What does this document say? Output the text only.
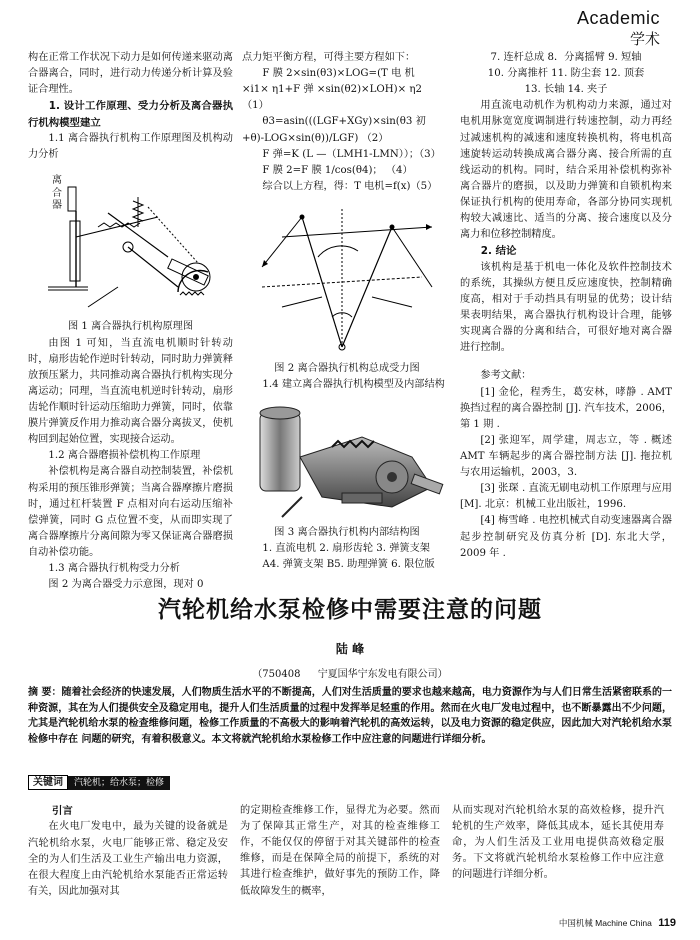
Academic
学术

构在正常工作状况下动力是如何传递来驱动离合器离合，同时，进行动力传递分析计算及验证合理性。

1. 设计工作原理、受力分析及离合器执行机构模型建立

1.1 离合器执行机构工作原理图及机构动力分析

离合器

图 1 离合器执行机构原理图

由图 1 可知，当直流电机顺时针转动时，扇形齿轮作逆时针转动，同时助力弹簧释放预压紧力，共同推动离合器执行机构实现分离运动；同理，当直流电机逆时针转动，扇形齿轮作顺时针运动压缩助力弹簧，同时，依靠膜片弹簧反作用力推动离合器分离拔叉，使机构回到起始位置，实现接合运动。

1.2 离合器磨损补偿机构工作原理

补偿机构是离合器自动控制装置，补偿机构采用的预压锥形弹簧；当离合器摩擦片磨损时，通过杠杆装置 F 点相对向右运动压缩补偿弹簧，同时 G 点位置不变，从而即实现了离合器摩擦片分离间隙为零又保证离合器磨损自动补偿功能。

1.3 离合器执行机构受力分析

图 2 为离合器受力示意图，现对 0

点力矩平衡方程，可得主要方程如下：

F 膜 2×sin(θ3)×LOG=(T 电 机

×i1× η1+F 弹 ×sin(θ2)×LOH)× η2

（1）

θ3=asin(((LGF+XGy)×sin(θ3 初

+θ)-LOG×sin(θ))/LGF) （2）

F 弹=K (L —（LMH1-LMN））；（3）

F 膜 2=F 膜 1/cos(θ4)； （4）

综合以上方程，得：T 电机=f(x)（5）

图 2 离合器执行机构总成受力图

1.4 建立离合器执行机构模型及内部结构

图 3 离合器执行机构内部结构图

1. 直流电机 2. 扇形齿轮 3. 弹簧支架

A4. 弹簧支架 B5. 助理弹簧 6. 限位版

7. 连杆总成 8．分离摇臂 9. 短轴

10. 分离推杆 11. 防尘套 12. 顶套

13. 长轴 14. 夹子

用直流电动机作为机构动力来源，通过对电机用脉宽宽度调制进行转速控制，动力再经过减速机构的减速和速度转换机构，将电机高速旋转运动转换成离合器分离、接合所需的直线运动的机构。同时，结合采用补偿机构弥补离合器片的磨损，以及助力弹簧和自锁机构来保证执行机构的使用寿命，各部分协同实现机构较大减速比、适当的分离、接合速度以及分离力和位移控制精度。

2. 结论

该机构是基于机电一体化及软件控制技术的系统，其操纵方便且反应速度快，控制精确度高，相对于手动挡具有明显的优势；设计结果表明结果，离合器执行机构设计合理，能够实现离合器的分离和结合，可很好地对离合器进行控制。

参考文献：

[1] 金伦，程秀生，葛安林，哮静 . AMT 换挡过程的离合器控制 [J]. 汽车技术，2006，第 1 期 .

[2] 张迎军，周学建，周志立，等 . 概述 AMT 车辆起步的离合器控制方法 [J]. 拖拉机与农用运输机，2003，3.

[3] 张琛 . 直流无刷电动机工作原理与应用 [M]. 北京：机械工业出版社，1996.

[4] 梅雪峰 . 电控机械式自动变速器离合器起步控制研究及仿真分析 [D]. 东北大学，2009 年 .

汽轮机给水泵检修中需要注意的问题
陆 峰
（750408 宁夏国华宁东发电有限公司）
摘 要：随着社会经济的快速发展，人们物质生活水平的不断提高，人们对生活质量的要求也越来越高，电力资源作为与人们日常生活紧密联系的一种资源，其在为人们提供安全及稳定用电，提升人们生活质量的过程中发挥举足轻重的作用。然而在火电厂发电过程中，也不断暴露出不少问题，尤其是汽轮机给水泵的检查维修问题，检修工作质量的不高极大的影响着汽轮机的高效运转，以及电力资源的稳定供应，因此加大对汽轮机给水泵检修中存在 问题的研究，有着积极意义。本文将就汽轮机给水泵检修工作中应注意的问题进行详细分析。
关键词 汽轮机；给水泵；检修

引言

在火电厂发电中，最为关键的设备就是汽轮机给水泵，火电厂能够正常、稳定及安全的为人们生活及工业生产输出电力资源，在很大程度上由汽轮机给水泵能否正常运转有关，因此加强对其

的定期检查维修工作，显得尤为必要。然而为了保障其正常生产，对其的检查维修工作，不能仅仅的停留于对其关键部件的检查维修，而是在保障全局的前提下，系统的对其进行检查维护，做好事先的预防工作，降低故障发生的概率，

从而实现对汽轮机给水泵的高效检修，提升汽轮机的生产效率，降低其成本，延长其使用寿命，为人们生活及工业用电提供高效稳定服务。下文将就汽轮机给水泵检修工作中应注意的问题进行详细分析。

中国机械 Machine China 119
